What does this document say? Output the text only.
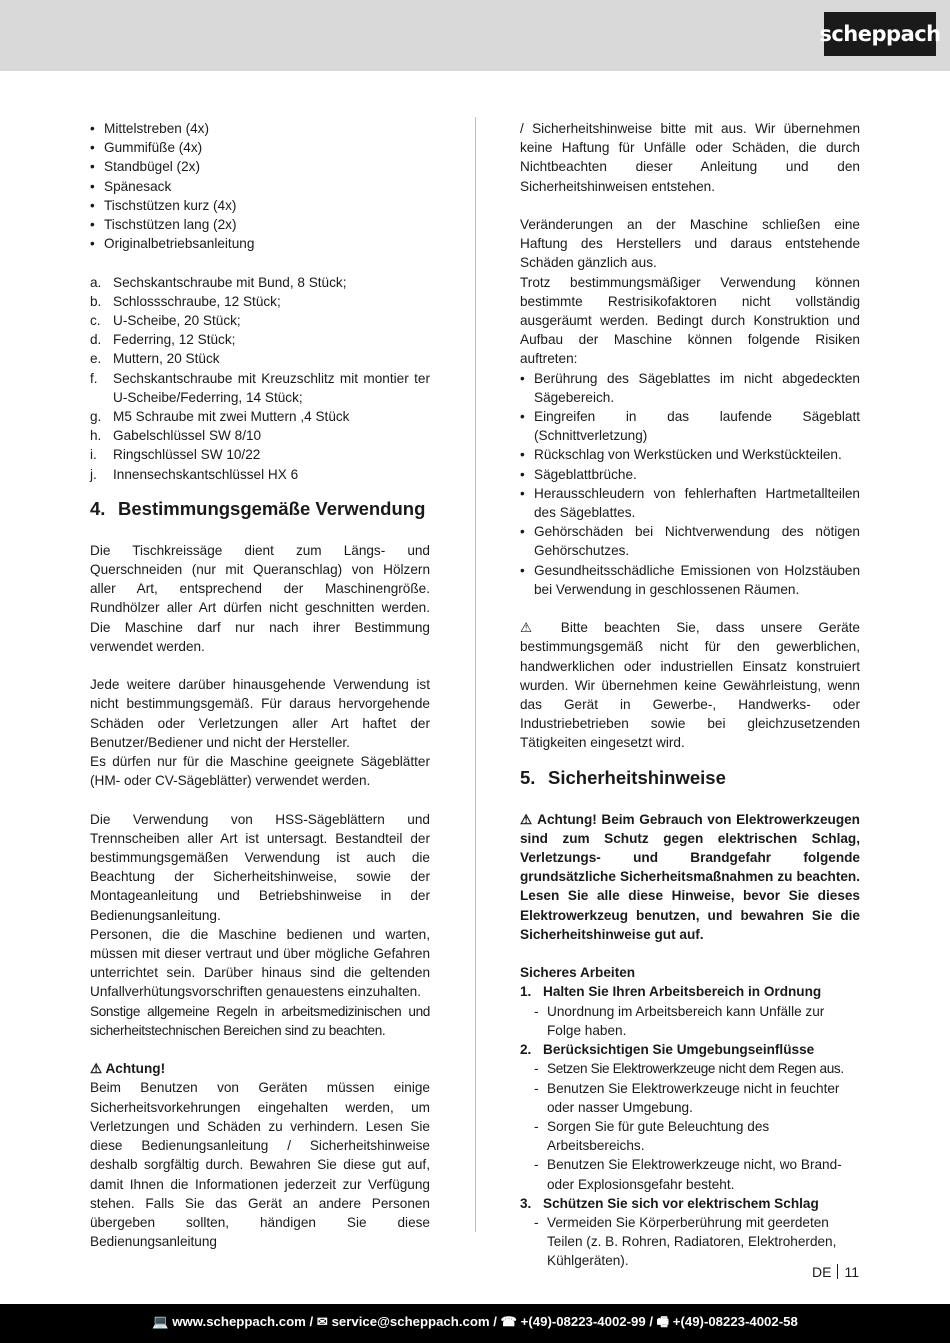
scheppach
• Mittelstreben (4x)
• Gummifüße (4x)
• Standbügel (2x)
• Spänesack
• Tischstützen kurz (4x)
• Tischstützen lang (2x)
• Originalbetriebsanleitung
a. Sechskantschraube mit Bund, 8 Stück;
b. Schlossschraube, 12 Stück;
c. U-Scheibe, 20 Stück;
d. Federring, 12 Stück;
e. Muttern, 20 Stück
f. Sechskantschraube mit Kreuzschlitz mit montier ter U-Scheibe/Federring, 14 Stück;
g. M5 Schraube mit zwei Muttern ,4 Stück
h. Gabelschlüssel SW 8/10
i. Ringschlüssel SW 10/22
j. Innensechskantschlüssel HX 6
4. Bestimmungsgemäße Verwendung

Die Tischkreissäge dient zum Längs- und Querschneiden (nur mit Queranschlag) von Hölzern aller Art, entsprechend der Maschinengröße. Rundhölzer aller Art dürfen nicht geschnitten werden. Die Maschine darf nur nach ihrer Bestimmung verwendet werden.

Jede weitere darüber hinausgehende Verwendung ist nicht bestimmungsgemäß. Für daraus hervorgehende Schäden oder Verletzungen aller Art haftet der Benutzer/Bediener und nicht der Hersteller.

Es dürfen nur für die Maschine geeignete Sägeblätter (HM- oder CV-Sägeblätter) verwendet werden.

Die Verwendung von HSS-Sägeblättern und Trennscheiben aller Art ist untersagt. Bestandteil der bestimmungsgemäßen Verwendung ist auch die Beachtung der Sicherheitshinweise, sowie der Montageanleitung und Betriebshinweise in der Bedienungsanleitung.

Personen, die die Maschine bedienen und warten, müssen mit dieser vertraut und über mögliche Gefahren unterrichtet sein. Darüber hinaus sind die geltenden Unfallverhütungsvorschriften genauestens einzuhalten.

Sonstige allgemeine Regeln in arbeitsmedizinischen und sicherheitstechnischen Bereichen sind zu beachten.

⚠ Achtung!

Beim Benutzen von Geräten müssen einige Sicherheitsvorkehrungen eingehalten werden, um Verletzungen und Schäden zu verhindern. Lesen Sie diese Bedienungsanleitung / Sicherheitshinweise deshalb sorgfältig durch. Bewahren Sie diese gut auf, damit Ihnen die Informationen jederzeit zur Verfügung stehen. Falls Sie das Gerät an andere Personen übergeben sollten, händigen Sie diese Bedienungsanleitung

/ Sicherheitshinweise bitte mit aus. Wir übernehmen keine Haftung für Unfälle oder Schäden, die durch Nichtbeachten dieser Anleitung und den Sicherheitshinweisen entstehen.

Veränderungen an der Maschine schließen eine Haftung des Herstellers und daraus entstehende Schäden gänzlich aus.

Trotz bestimmungsmäßiger Verwendung können bestimmte Restrisikofaktoren nicht vollständig ausgeräumt werden. Bedingt durch Konstruktion und Aufbau der Maschine können folgende Risiken auftreten:

• Berührung des Sägeblattes im nicht abgedeckten Sägebereich.
• Eingreifen in das laufende Sägeblatt (Schnittverletzung)
• Rückschlag von Werkstücken und Werkstückteilen.
• Sägeblattbrüche.
• Herausschleudern von fehlerhaften Hartmetallteilen des Sägeblattes.
• Gehörschäden bei Nichtverwendung des nötigen Gehörschutzes.
• Gesundheitsschädliche Emissionen von Holzstäuben bei Verwendung in geschlossenen Räumen.

⚠ Bitte beachten Sie, dass unsere Geräte bestimmungsgemäß nicht für den gewerblichen, handwerklichen oder industriellen Einsatz konstruiert wurden. Wir übernehmen keine Gewährleistung, wenn das Gerät in Gewerbe-, Handwerks- oder Industriebetrieben sowie bei gleichzusetzenden Tätigkeiten eingesetzt wird.

5. Sicherheitshinweise

⚠ Achtung! Beim Gebrauch von Elektrowerkzeugen sind zum Schutz gegen elektrischen Schlag, Verletzungs- und Brandgefahr folgende grundsätzliche Sicherheitsmaßnahmen zu beachten. Lesen Sie alle diese Hinweise, bevor Sie dieses Elektrowerkzeug benutzen, und bewahren Sie die Sicherheitshinweise gut auf.

Sicheres Arbeiten

1. Halten Sie Ihren Arbeitsbereich in Ordnung
- Unordnung im Arbeitsbereich kann Unfälle zur Folge haben.
2. Berücksichtigen Sie Umgebungseinflüsse
- Setzen Sie Elektrowerkzeuge nicht dem Regen aus.
- Benutzen Sie Elektrowerkzeuge nicht in feuchter oder nasser Umgebung.
- Sorgen Sie für gute Beleuchtung des Arbeitsbereichs.
- Benutzen Sie Elektrowerkzeuge nicht, wo Brand- oder Explosionsgefahr besteht.
3. Schützen Sie sich vor elektrischem Schlag
- Vermeiden Sie Körperberührung mit geerdeten Teilen (z. B. Rohren, Radiatoren, Elektroherden, Kühlgeräten).
DE 11
💻 www.scheppach.com / ✉ service@scheppach.com / ☎ +(49)-08223-4002-99 / 🖷 +(49)-08223-4002-58
